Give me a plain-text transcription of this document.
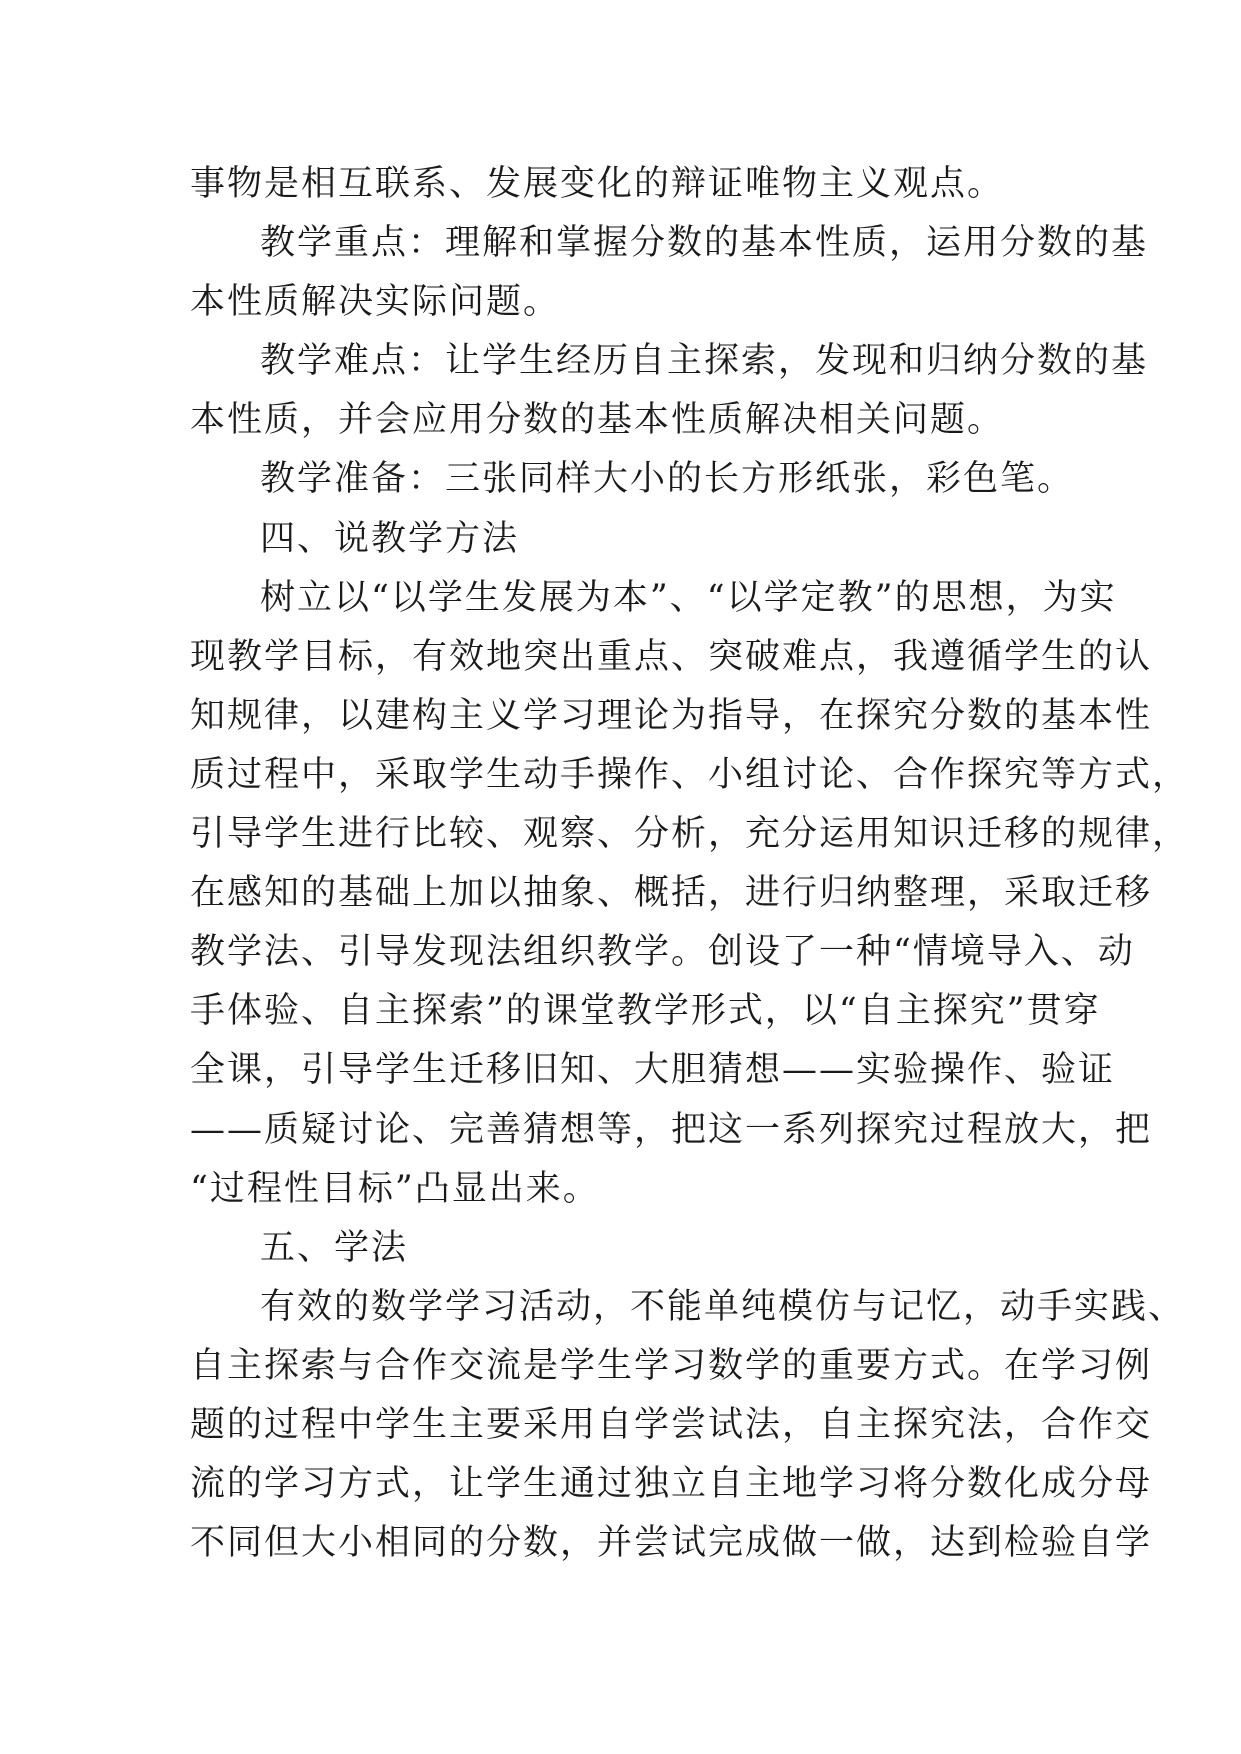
事物是相互联系、发展变化的辩证唯物主义观点。
教学重点：理解和掌握分数的基本性质，运用分数的基
本性质解决实际问题。
教学难点：让学生经历自主探索，发现和归纳分数的基
本性质，并会应用分数的基本性质解决相关问题。
教学准备：三张同样大小的长方形纸张，彩色笔。
四、说教学方法
树立以“以学生发展为本”、“以学定教”的思想，为实
现教学目标，有效地突出重点、突破难点，我遵循学生的认
知规律，以建构主义学习理论为指导，在探究分数的基本性
质过程中，采取学生动手操作、小组讨论、合作探究等方式，
引导学生进行比较、观察、分析，充分运用知识迁移的规律，
在感知的基础上加以抽象、概括，进行归纳整理，采取迁移
教学法、引导发现法组织教学。创设了一种“情境导入、动
手体验、自主探索”的课堂教学形式，以“自主探究”贯穿
全课，引导学生迁移旧知、大胆猜想——实验操作、验证
——质疑讨论、完善猜想等，把这一系列探究过程放大，把
“过程性目标”凸显出来。
五、学法
有效的数学学习活动，不能单纯模仿与记忆，动手实践、
自主探索与合作交流是学生学习数学的重要方式。在学习例
题的过程中学生主要采用自学尝试法，自主探究法，合作交
流的学习方式，让学生通过独立自主地学习将分数化成分母
不同但大小相同的分数，并尝试完成做一做，达到检验自学
